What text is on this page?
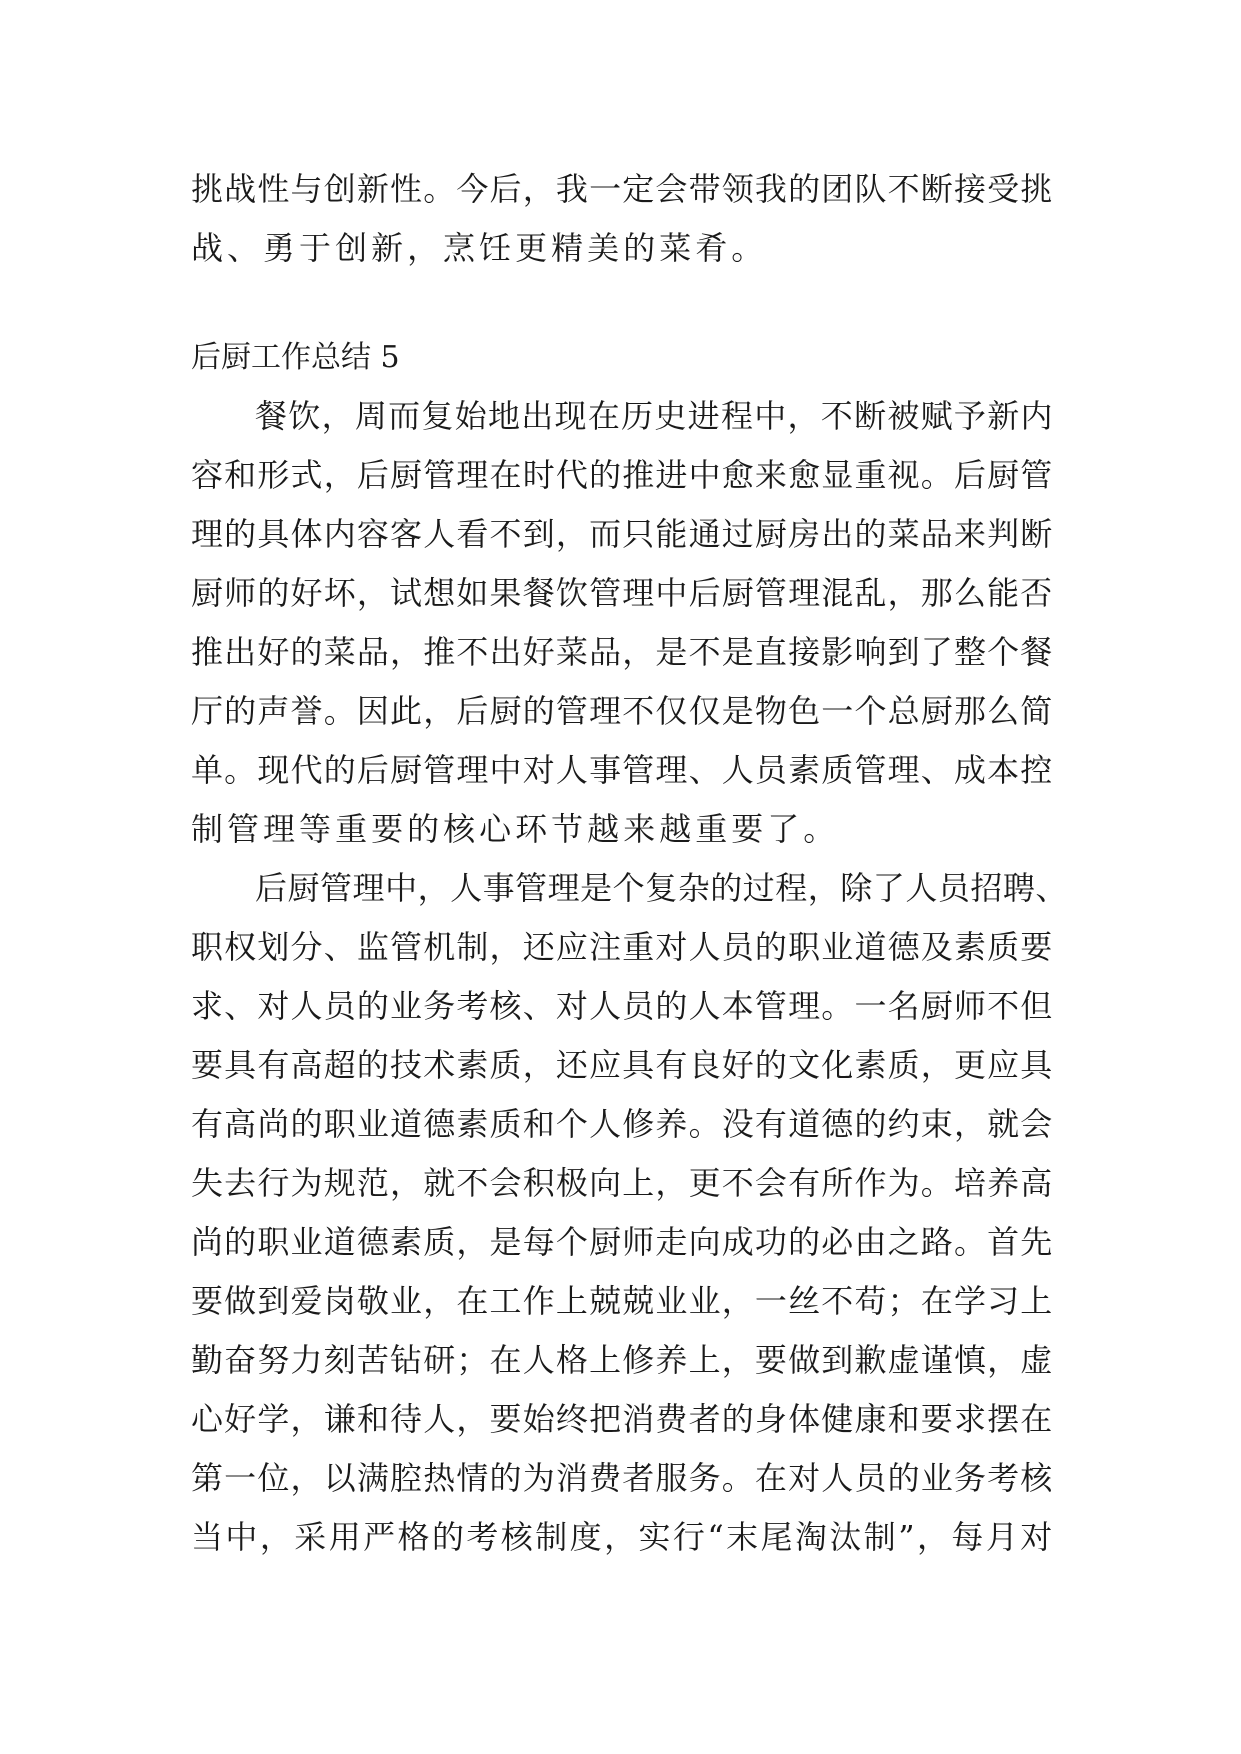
挑 战 性 与 创 新 性 。 今 后 ， 我 一 定 会 带 领 我 的 团 队 不 断 接 受 挑
战 、 勇 于 创 新 ， 烹 饪 更 精 美 的 菜 肴 。
后厨工作总结 5
餐 饮 ， 周 而 复 始 地 出 现 在 历 史 进 程 中 ， 不 断 被 赋 予 新 内
容 和 形 式 ， 后 厨 管 理 在 时 代 的 推 进 中 愈 来 愈 显 重 视 。 后 厨 管
理 的 具 体 内 容 客 人 看 不 到 ， 而 只 能 通 过 厨 房 出 的 菜 品 来 判 断
厨 师 的 好 坏 ， 试 想 如 果 餐 饮 管 理 中 后 厨 管 理 混 乱 ， 那 么 能 否
推 出 好 的 菜 品 ， 推 不 出 好 菜 品 ， 是 不 是 直 接 影 响 到 了 整 个 餐
厅 的 声 誉 。 因 此 ， 后 厨 的 管 理 不 仅 仅 是 物 色 一 个 总 厨 那 么 简
单 。 现 代 的 后 厨 管 理 中 对 人 事 管 理 、 人 员 素 质 管 理 、 成 本 控
制 管 理 等 重 要 的 核 心 环 节 越 来 越 重 要 了 。
后 厨 管 理 中 ， 人 事 管 理 是 个 复 杂 的 过 程 ， 除 了 人 员 招 聘 、
职 权 划 分 、 监 管 机 制 ， 还 应 注 重 对 人 员 的 职 业 道 德 及 素 质 要
求 、 对 人 员 的 业 务 考 核 、 对 人 员 的 人 本 管 理 。 一 名 厨 师 不 但
要 具 有 高 超 的 技 术 素 质 ， 还 应 具 有 良 好 的 文 化 素 质 ， 更 应 具
有 高 尚 的 职 业 道 德 素 质 和 个 人 修 养 。 没 有 道 德 的 约 束 ， 就 会
失 去 行 为 规 范 ， 就 不 会 积 极 向 上 ， 更 不 会 有 所 作 为 。 培 养 高
尚 的 职 业 道 德 素 质 ， 是 每 个 厨 师 走 向 成 功 的 必 由 之 路 。 首 先
要 做 到 爱 岗 敬 业 ， 在 工 作 上 兢 兢 业 业 ， 一 丝 不 苟 ； 在 学 习 上
勤 奋 努 力 刻 苦 钻 研 ； 在 人 格 上 修 养 上 ， 要 做 到 歉 虚 谨 慎 ， 虚
心 好 学 ， 谦 和 待 人 ， 要 始 终 把 消 费 者 的 身 体 健 康 和 要 求 摆 在
第 一 位 ， 以 满 腔 热 情 的 为 消 费 者 服 务 。 在 对 人 员 的 业 务 考 核
当 中 ， 采 用 严 格 的 考 核 制 度 ， 实 行 “ 末 尾 淘 汰 制 ” ， 每 月 对
